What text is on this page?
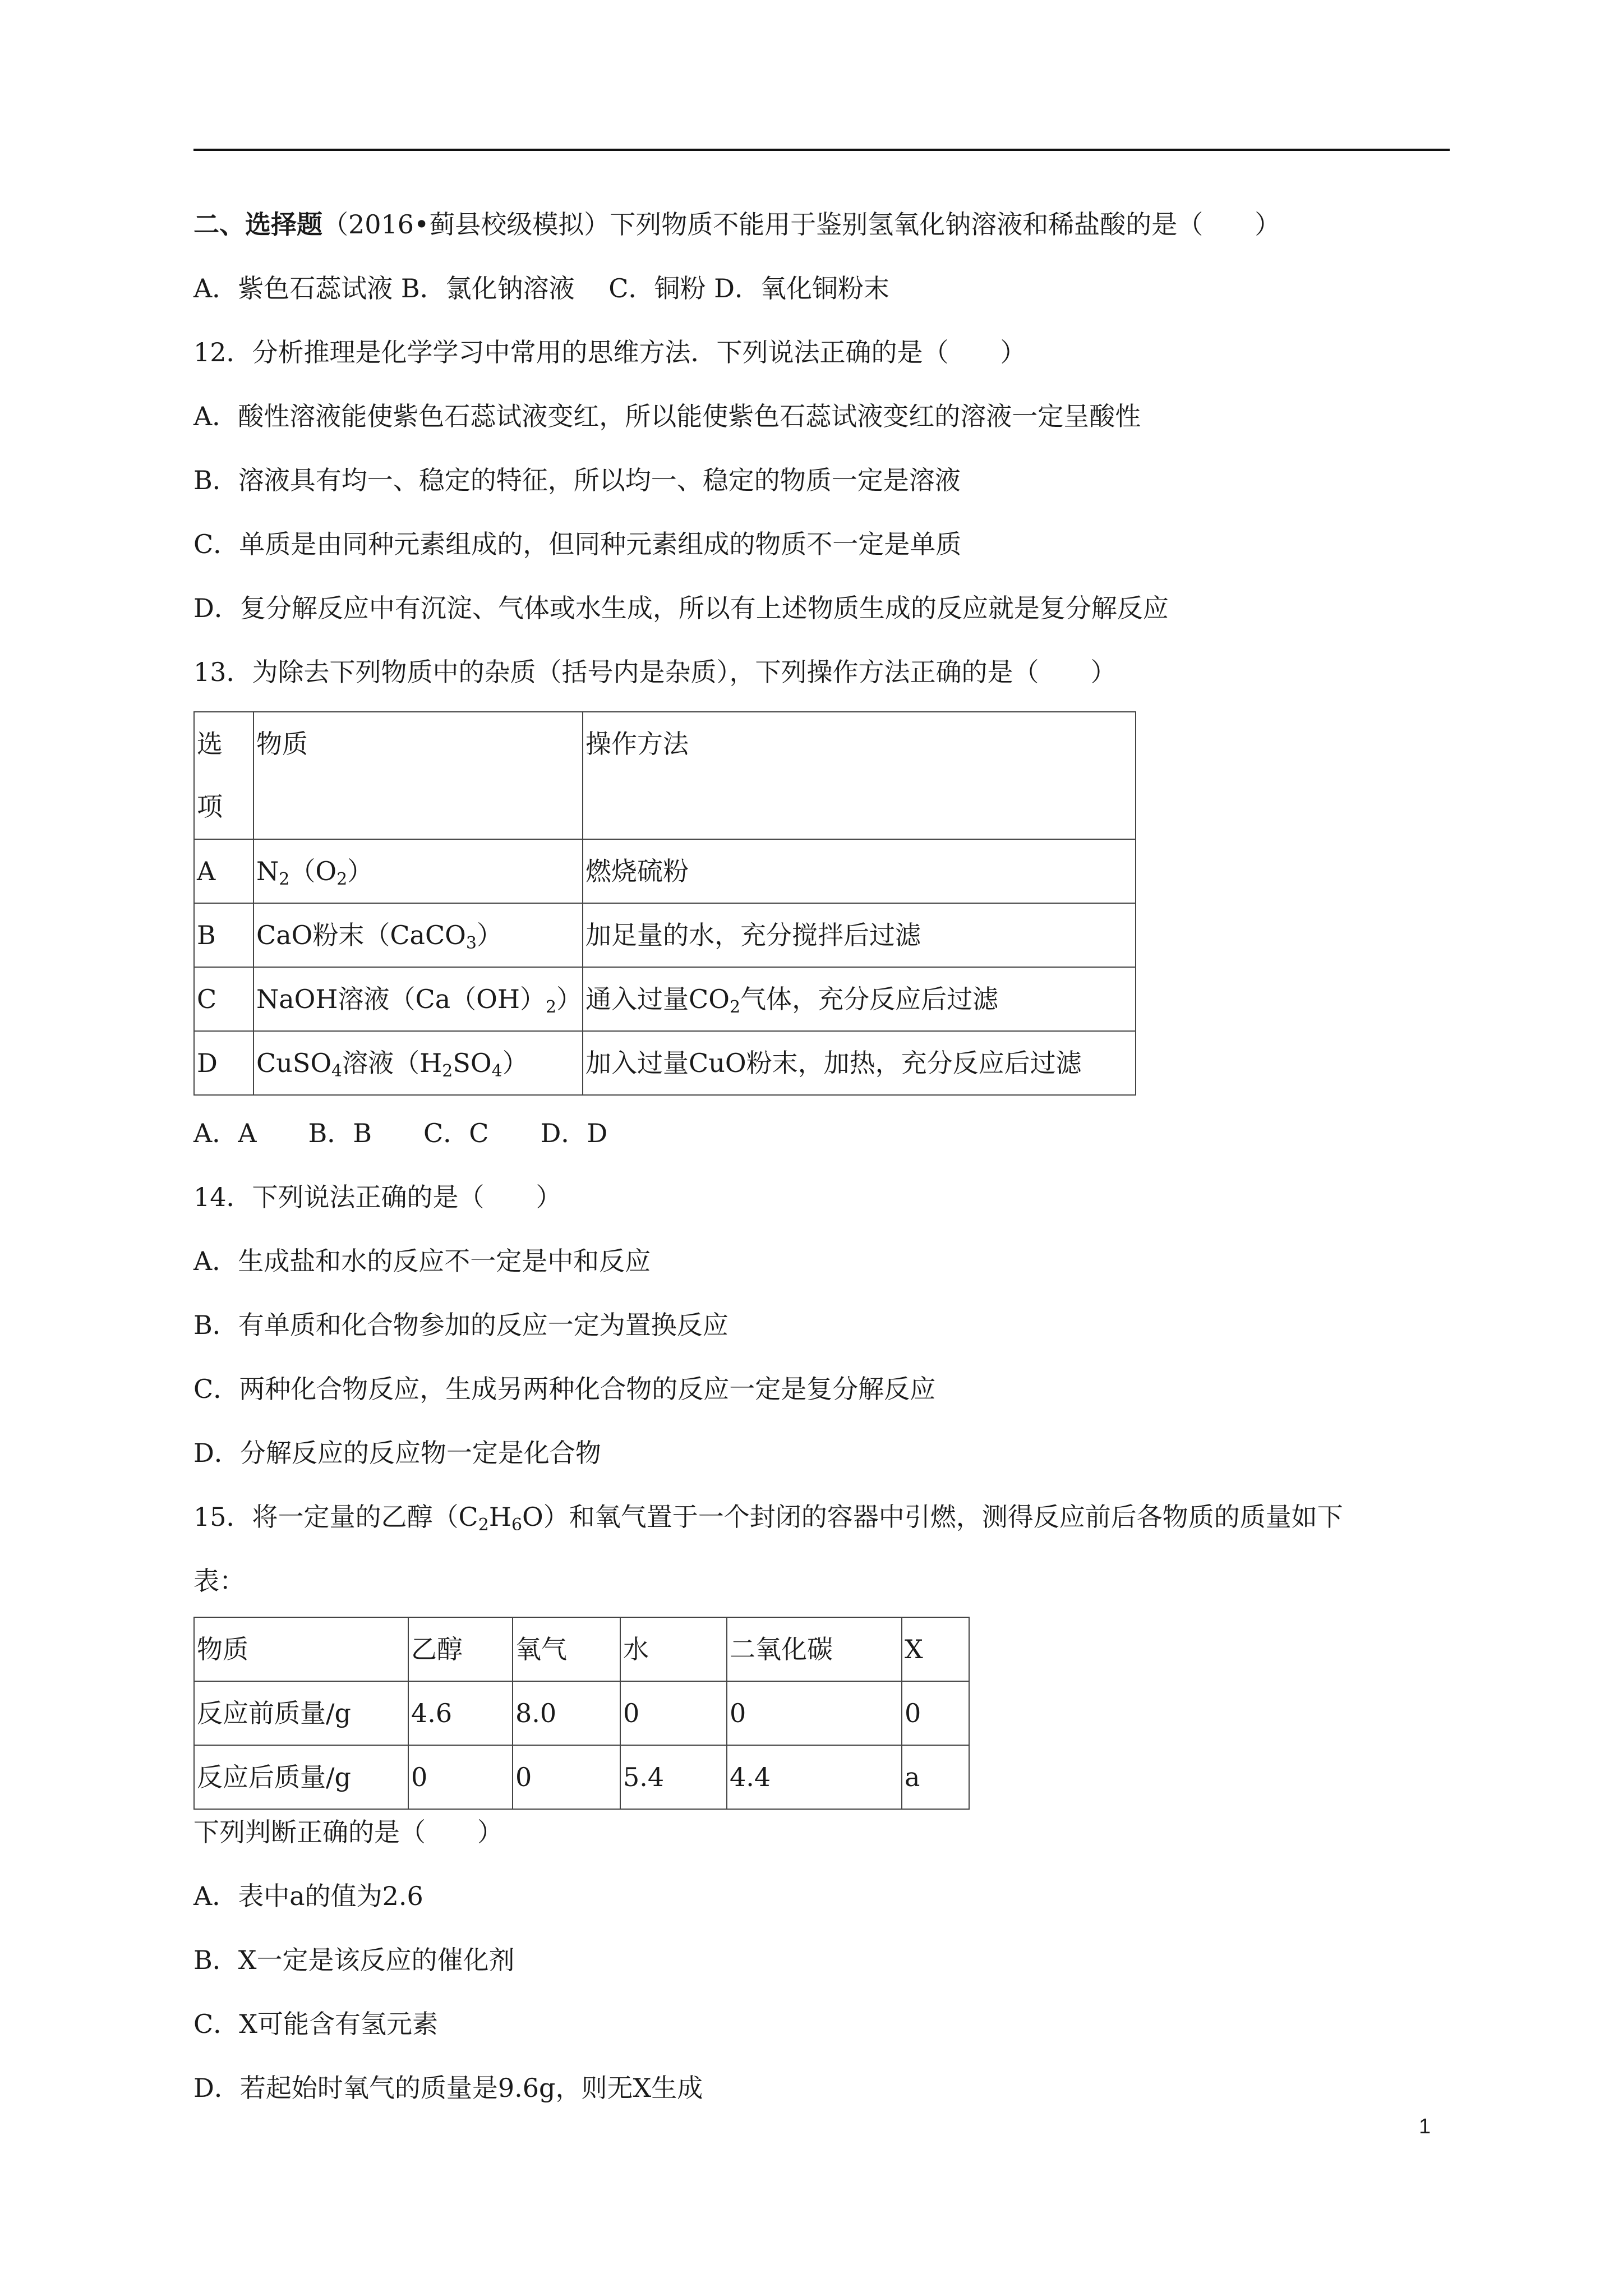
二、选择题（2016•蓟县校级模拟）下列物质不能用于鉴别氢氧化钠溶液和稀盐酸的是（　　）
A．紫色石蕊试液 B．氯化钠溶液　 C．铜粉 D．氧化铜粉末
12．分析推理是化学学习中常用的思维方法．下列说法正确的是（　　）
A．酸性溶液能使紫色石蕊试液变红，所以能使紫色石蕊试液变红的溶液一定呈酸性
B．溶液具有均一、稳定的特征，所以均一、稳定的物质一定是溶液
C．单质是由同种元素组成的，但同种元素组成的物质不一定是单质
D．复分解反应中有沉淀、气体或水生成，所以有上述物质生成的反应就是复分解反应
13．为除去下列物质中的杂质（括号内是杂质），下列操作方法正确的是（　　）
选
项	物质	操作方法
A	$N_2(O_2)$	燃烧硫粉
B	CaO粉末（CaCO$_3$）	加足量的水，充分搅拌后过滤
C	NaOH溶液$(Ca(OH)_2)$	通入过量$CO_2$气体，充分反应后过滤
D	CuSO$_4$溶液$(H_2SO_4)$	加入过量CuO粉末，加热，充分反应后过滤
A．A　　B．B　　C．C　　D．D
14．下列说法正确的是（　　）
A．生成盐和水的反应不一定是中和反应
B．有单质和化合物参加的反应一定为置换反应
C．两种化合物反应，生成另两种化合物的反应一定是复分解反应
D．分解反应的反应物一定是化合物
15．将一定量的乙醇$(C_2H_6O)$和氧气置于一个封闭的容器中引燃，测得反应前后各物质的质量如下
表：
物质	乙醇	氧气	水	二氧化碳	X
反应前质量/g	4.6	8.0	0	0	0
反应后质量/g	0	0	5.4	4.4	a
下列判断正确的是（　　）
A．表中a的值为2.6
B．X一定是该反应的催化剂
C．X可能含有氢元素
D．若起始时氧气的质量是9.6g，则无X生成
1
